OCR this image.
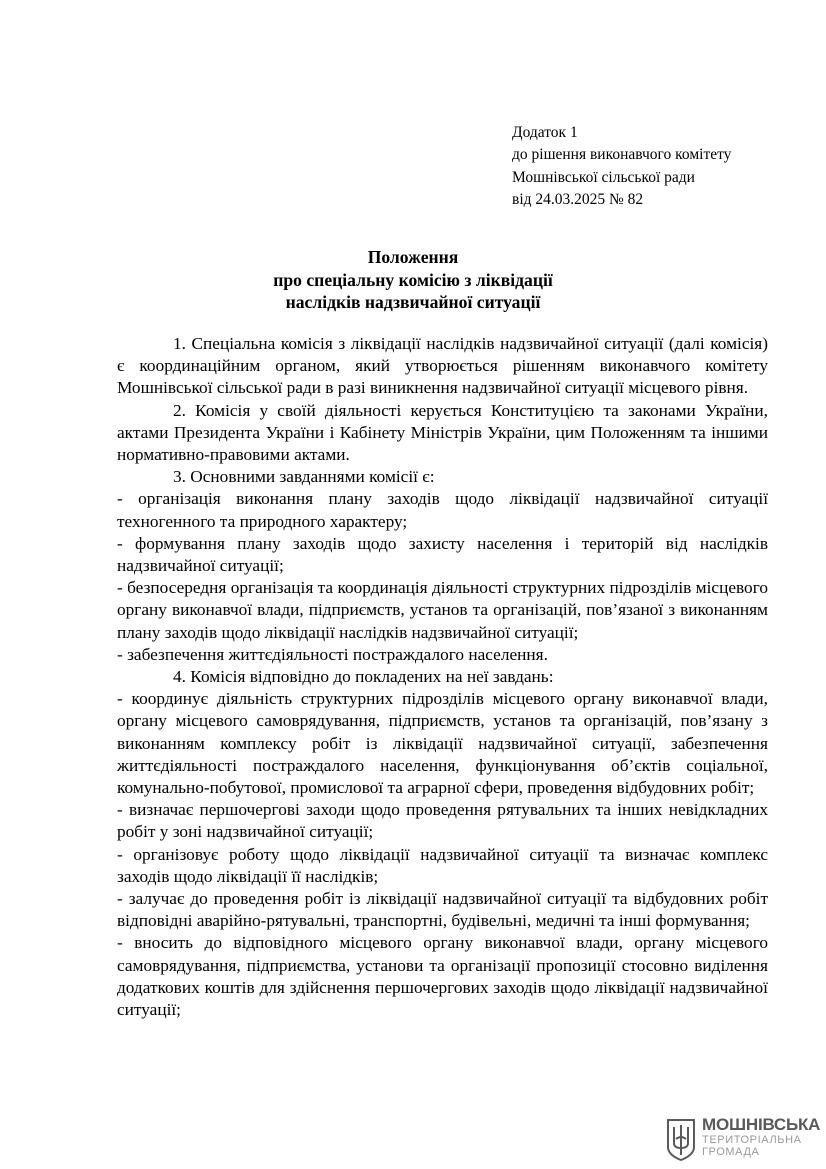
Додаток 1
до рішення виконавчого комітету
Мошнівської сільської ради
від 24.03.2025 № 82
Положення
про спеціальну комісію з ліквідації
наслідків надзвичайної ситуації

1. Спеціальна комісія з ліквідації наслідків надзвичайної ситуації (далі комісія) є координаційним органом, який утворюється рішенням виконавчого комітету Мошнівської сільської ради в разі виникнення надзвичайної ситуації місцевого рівня.

2. Комісія у своїй діяльності керується Конституцією та законами України, актами Президента України і Кабінету Міністрів України, цим Положенням та іншими нормативно-правовими актами.

3. Основними завданнями комісії є:

- організація виконання плану заходів щодо ліквідації надзвичайної ситуації техногенного та природного характеру;

- формування плану заходів щодо захисту населення і територій від наслідків надзвичайної ситуації;

- безпосередня організація та координація діяльності структурних підрозділів місцевого органу виконавчої влади, підприємств, установ та організацій, пов’язаної з виконанням плану заходів щодо ліквідації наслідків надзвичайної ситуації;

- забезпечення життєдіяльності постраждалого населення.

4. Комісія відповідно до покладених на неї завдань:

- координує діяльність структурних підрозділів місцевого органу виконавчої влади, органу місцевого самоврядування, підприємств, установ та організацій, пов’язану з виконанням комплексу робіт із ліквідації надзвичайної ситуації, забезпечення життєдіяльності постраждалого населення, функціонування об’єктів соціальної, комунально-побутової, промислової та аграрної сфери, проведення відбудовних робіт;

- визначає першочергові заходи щодо проведення рятувальних та інших невідкладних робіт у зоні надзвичайної ситуації;

- організовує роботу щодо ліквідації надзвичайної ситуації та визначає комплекс заходів щодо ліквідації її наслідків;

- залучає до проведення робіт із ліквідації надзвичайної ситуації та відбудовних робіт відповідні аварійно-рятувальні, транспортні, будівельні, медичні та інші формування;

- вносить до відповідного місцевого органу виконавчої влади, органу місцевого самоврядування, підприємства, установи та організації пропозиції стосовно виділення додаткових коштів для здійснення першочергових заходів щодо ліквідації надзвичайної ситуації;

МОШНІВСЬКА
ТЕРИТОРІАЛЬНА
ГРОМАДА
